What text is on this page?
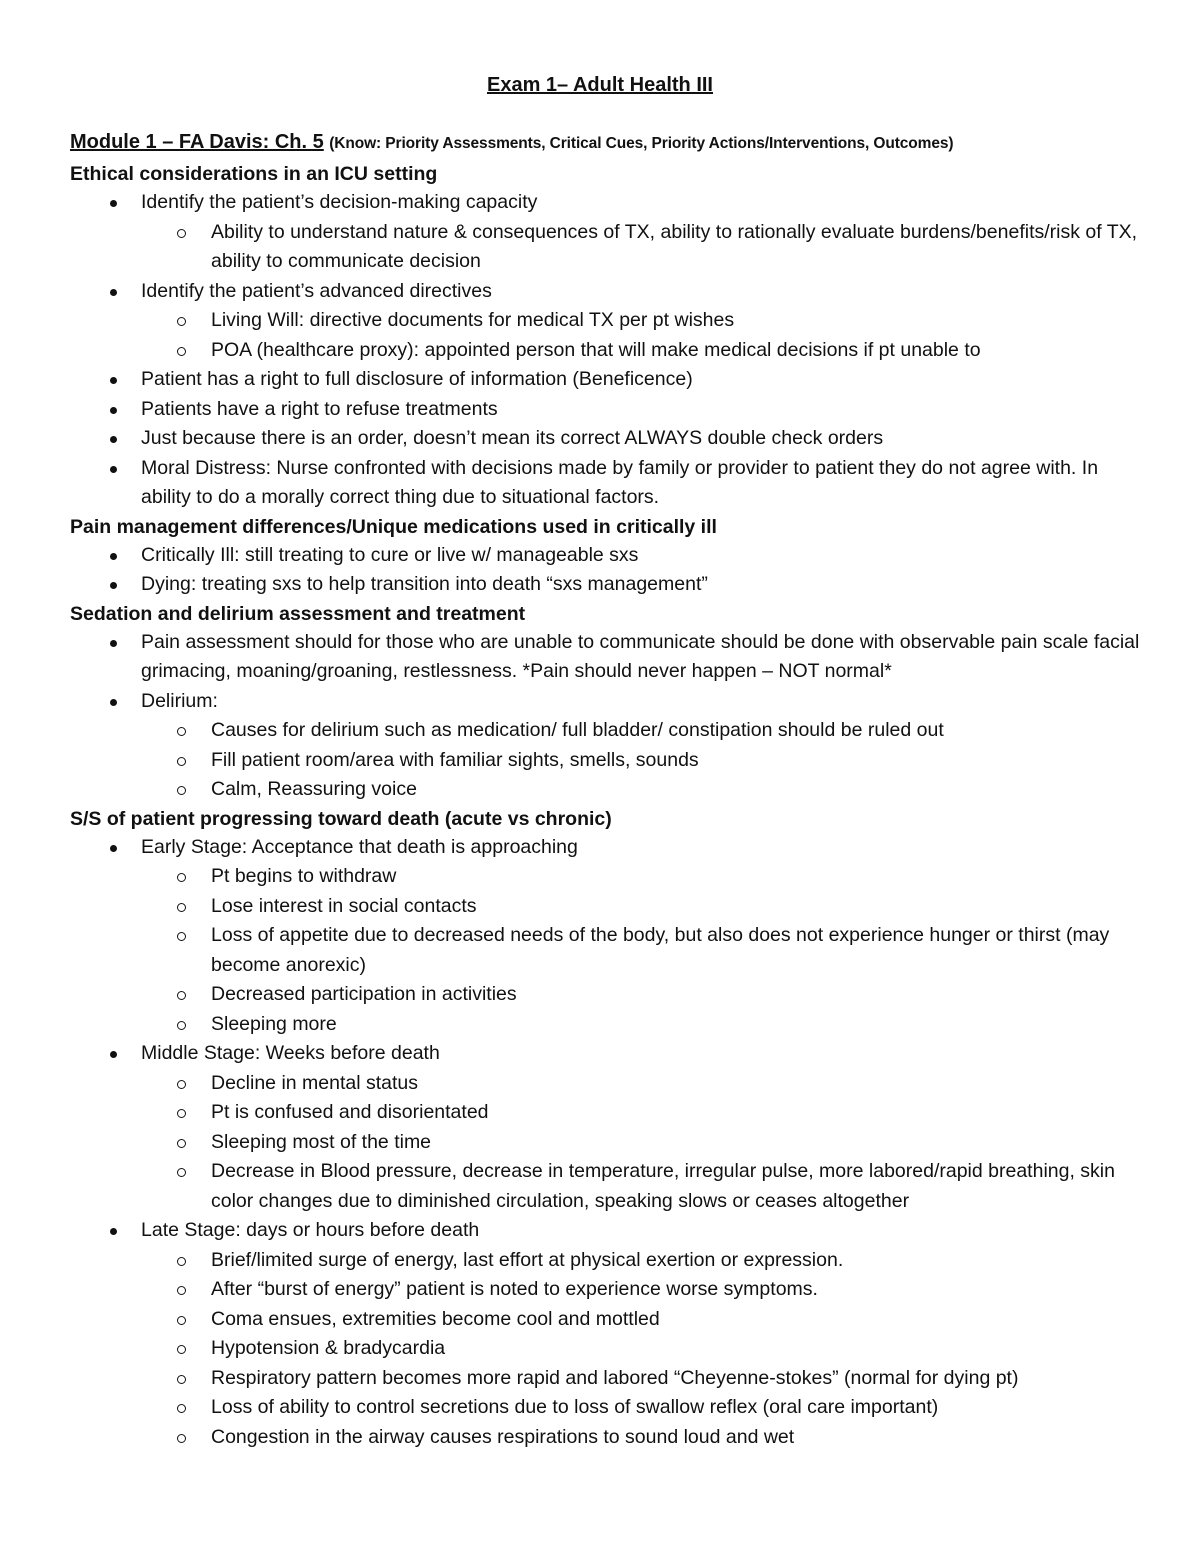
Exam 1– Adult Health III
Module 1 – FA Davis: Ch. 5 (Know: Priority Assessments, Critical Cues, Priority Actions/Interventions, Outcomes)
Ethical considerations in an ICU setting
Identify the patient’s decision-making capacity
Ability to understand nature & consequences of TX, ability to rationally evaluate burdens/benefits/risk of TX, ability to communicate decision
Identify the patient’s advanced directives
Living Will: directive documents for medical TX per pt wishes
POA (healthcare proxy): appointed person that will make medical decisions if pt unable to
Patient has a right to full disclosure of information (Beneficence)
Patients have a right to refuse treatments
Just because there is an order, doesn’t mean its correct ALWAYS double check orders
Moral Distress: Nurse confronted with decisions made by family or provider to patient they do not agree with. In ability to do a morally correct thing due to situational factors.
Pain management differences/Unique medications used in critically ill
Critically Ill: still treating to cure or live w/ manageable sxs
Dying: treating sxs to help transition into death “sxs management”
Sedation and delirium assessment and treatment
Pain assessment should for those who are unable to communicate should be done with observable pain scale facial grimacing, moaning/groaning, restlessness. *Pain should never happen – NOT normal*
Delirium:
Causes for delirium such as medication/ full bladder/ constipation should be ruled out
Fill patient room/area with familiar sights, smells, sounds
Calm, Reassuring voice
S/S of patient progressing toward death (acute vs chronic)
Early Stage: Acceptance that death is approaching
Pt begins to withdraw
Lose interest in social contacts
Loss of appetite due to decreased needs of the body, but also does not experience hunger or thirst (may become anorexic)
Decreased participation in activities
Sleeping more
Middle Stage: Weeks before death
Decline in mental status
Pt is confused and disorientated
Sleeping most of the time
Decrease in Blood pressure, decrease in temperature, irregular pulse, more labored/rapid breathing, skin color changes due to diminished circulation, speaking slows or ceases altogether
Late Stage: days or hours before death
Brief/limited surge of energy, last effort at physical exertion or expression.
After “burst of energy” patient is noted to experience worse symptoms.
Coma ensues, extremities become cool and mottled
Hypotension & bradycardia
Respiratory pattern becomes more rapid and labored “Cheyenne-stokes” (normal for dying pt)
Loss of ability to control secretions due to loss of swallow reflex (oral care important)
Congestion in the airway causes respirations to sound loud and wet
